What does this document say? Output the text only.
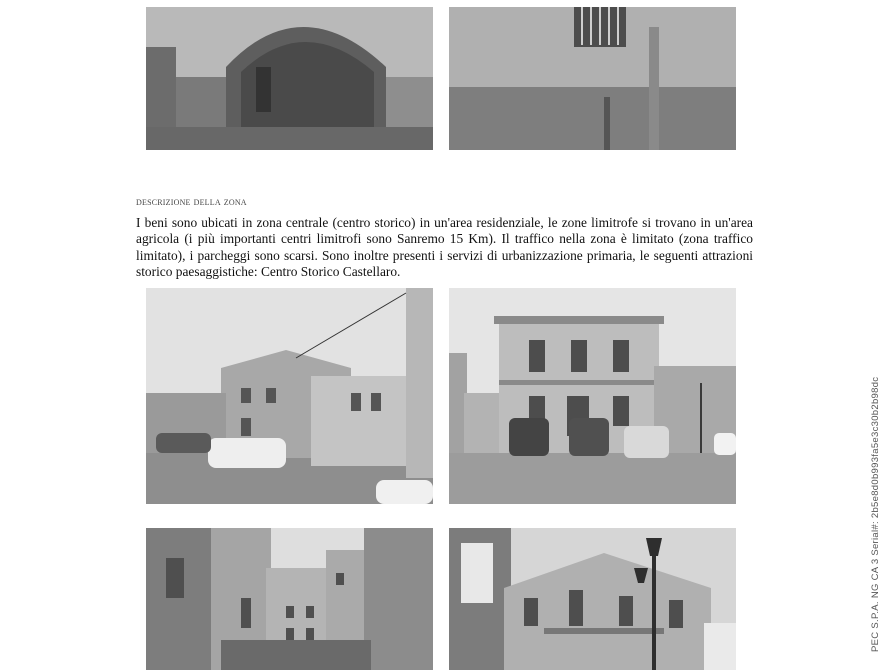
descrizione della zona
I beni sono ubicati in zona centrale (centro storico) in un'area residenziale, le zone limitrofe si trovano in un'area agricola (i più importanti centri limitrofi sono Sanremo 15 Km). Il traffico nella zona è limitato (zona traffico limitato), i parcheggi sono scarsi. Sono inoltre presenti i servizi di urbanizzazione primaria, le seguenti attrazioni storico paesaggistiche: Centro Storico Castellaro.
PEC S.P.A. NG CA 3 Serial#: 2b5e8d0b993fa5e3c30b2b98dc
